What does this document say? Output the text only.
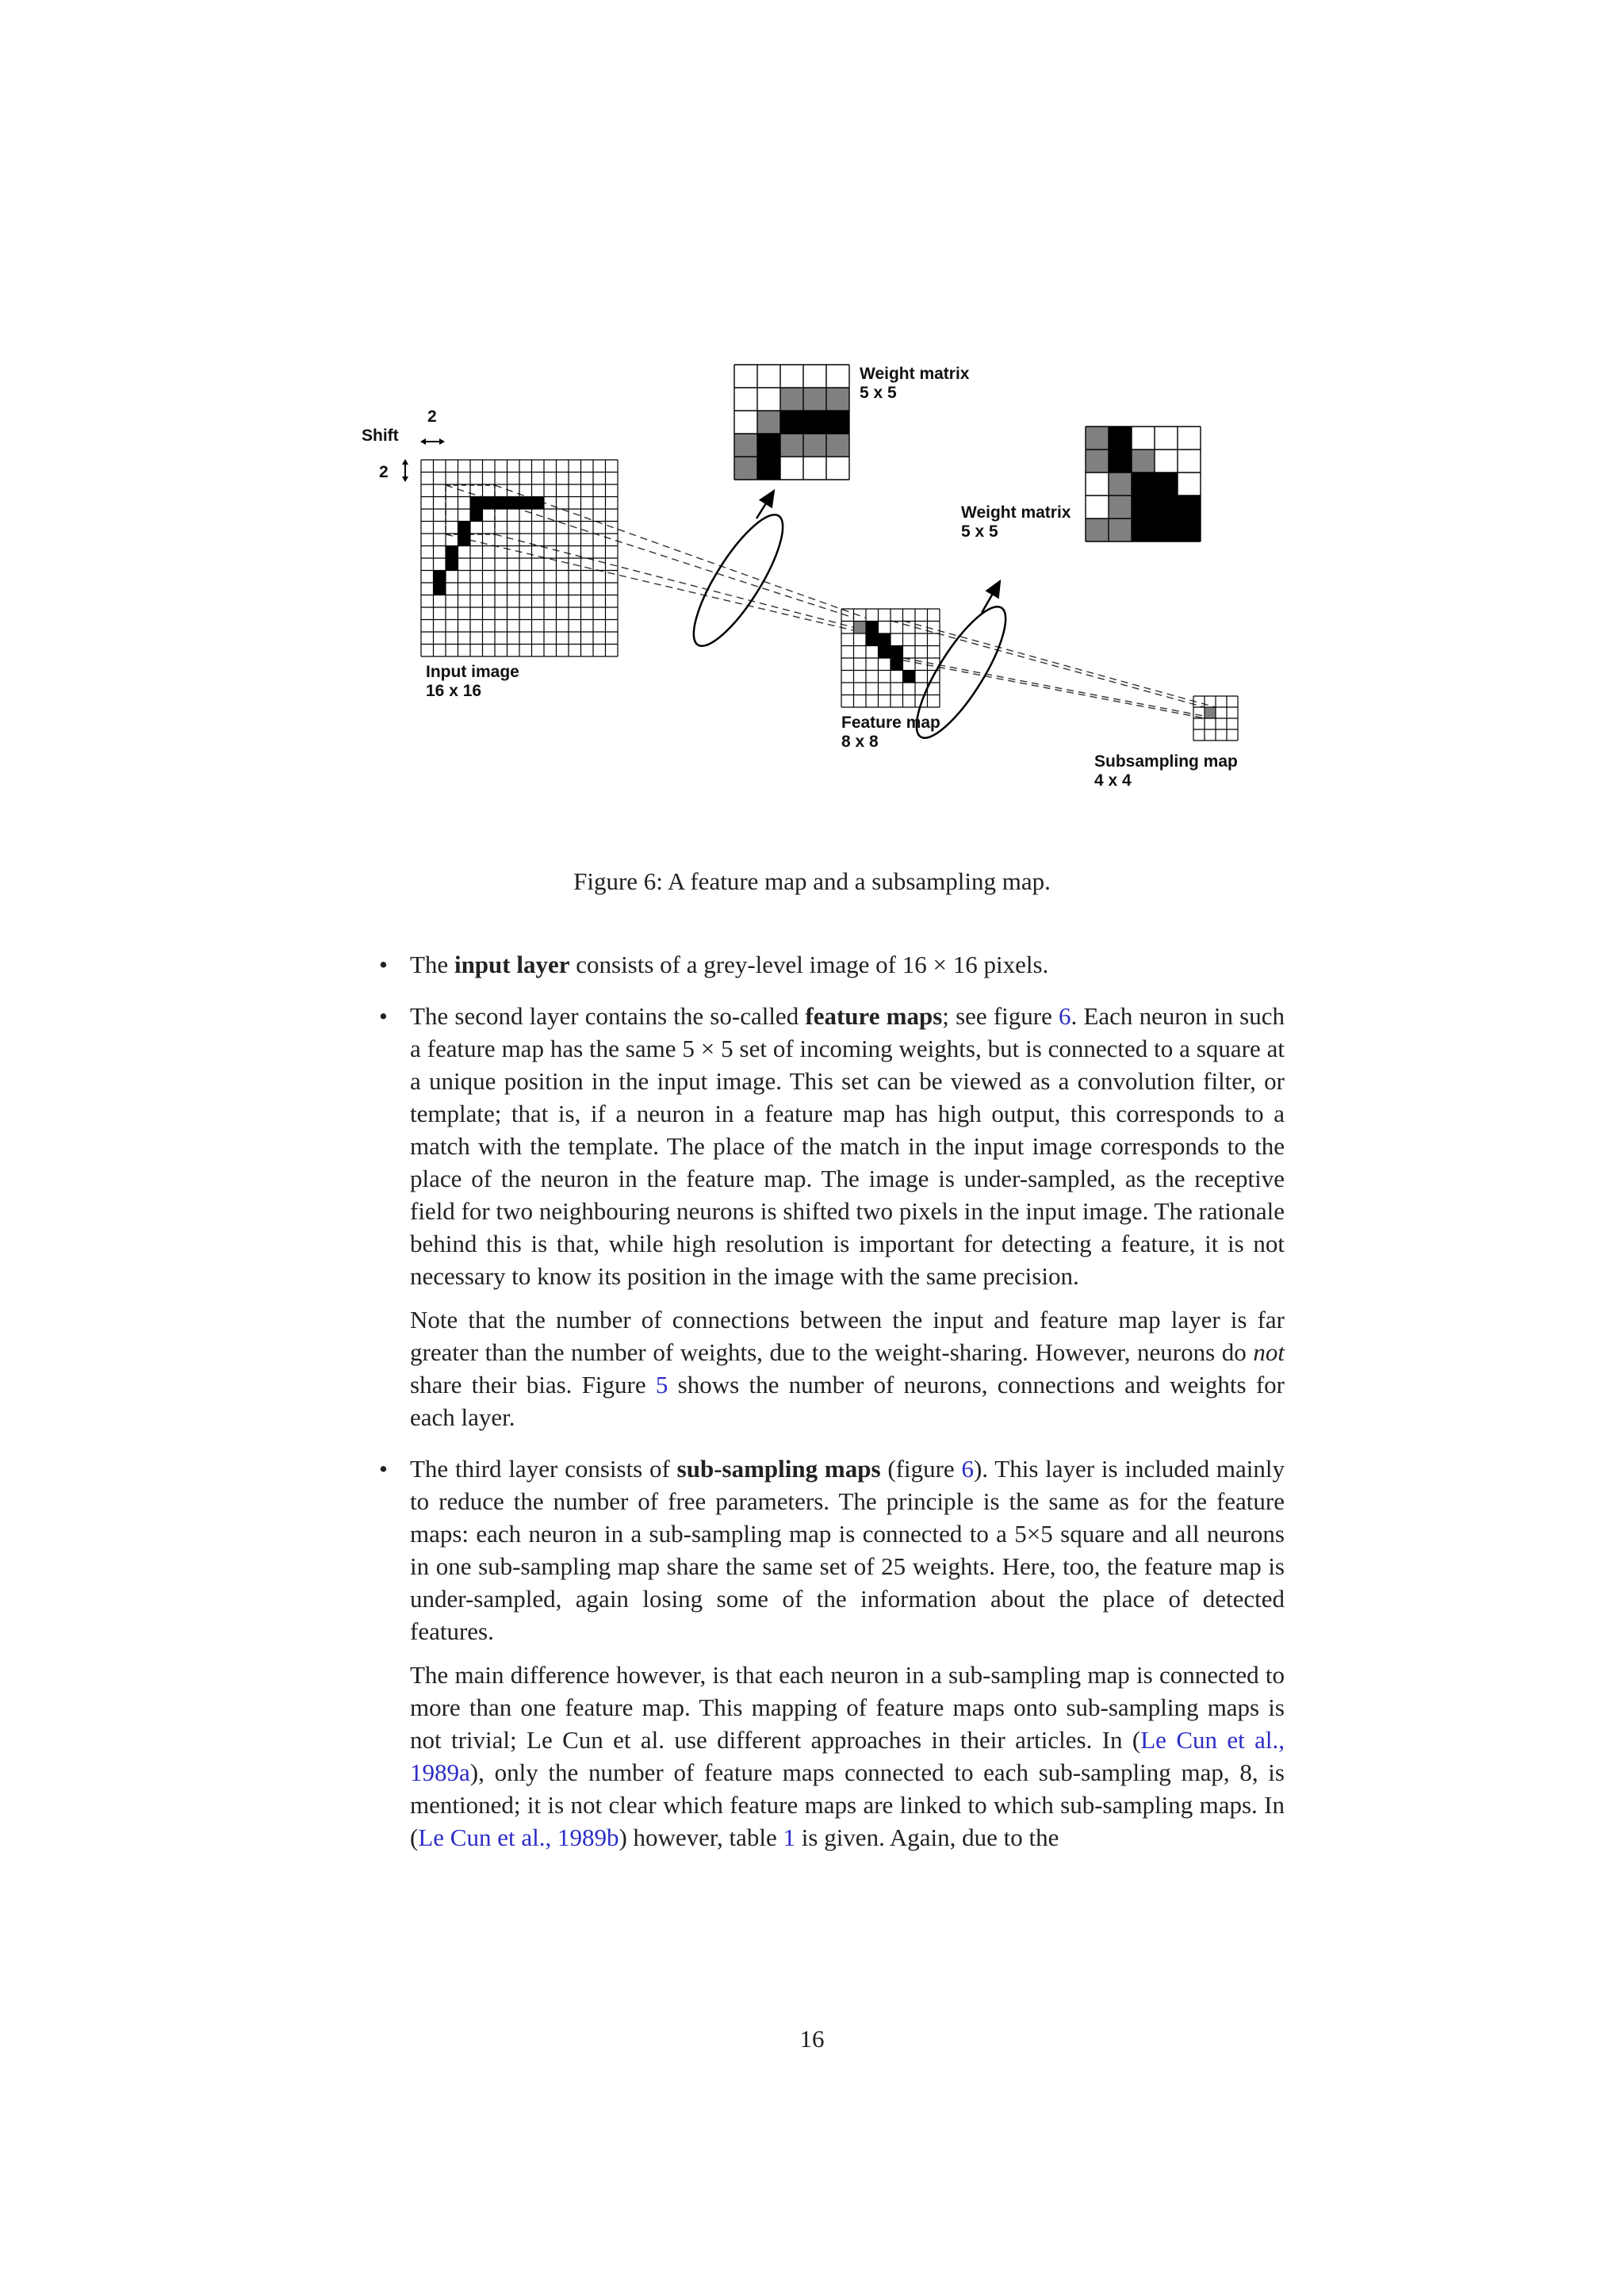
Shift
2
2
Input image
16 x 16
Weight matrix
5 x 5
Weight matrix
5 x 5
Feature map
8 x 8
Subsampling map
4 x 4
Figure 6: A feature map and a subsampling map.
• The input layer consists of a grey-level image of 16 × 16 pixels.

• The second layer contains the so-called feature maps; see figure 6. Each neuron in such a feature map has the same 5 × 5 set of incoming weights, but is connected to a square at a unique position in the input image. This set can be viewed as a convolution filter, or template; that is, if a neuron in a feature map has high output, this corresponds to a match with the template. The place of the match in the input image corresponds to the place of the neuron in the feature map. The image is under-sampled, as the receptive field for two neighbouring neurons is shifted two pixels in the input image. The rationale behind this is that, while high resolution is important for detecting a feature, it is not necessary to know its position in the image with the same precision.

Note that the number of connections between the input and feature map layer is far greater than the number of weights, due to the weight-sharing. However, neurons do not share their bias. Figure 5 shows the number of neurons, connections and weights for each layer.

• The third layer consists of sub-sampling maps (figure 6). This layer is included mainly to reduce the number of free parameters. The principle is the same as for the feature maps: each neuron in a sub-sampling map is connected to a 5×5 square and all neurons in one sub-sampling map share the same set of 25 weights. Here, too, the feature map is under-sampled, again losing some of the information about the place of detected features.

The main difference however, is that each neuron in a sub-sampling map is connected to more than one feature map. This mapping of feature maps onto sub-sampling maps is not trivial; Le Cun et al. use different approaches in their articles. In (Le Cun et al., 1989a), only the number of feature maps connected to each sub-sampling map, 8, is mentioned; it is not clear which feature maps are linked to which sub-sampling maps. In (Le Cun et al., 1989b) however, table 1 is given. Again, due to the

16
